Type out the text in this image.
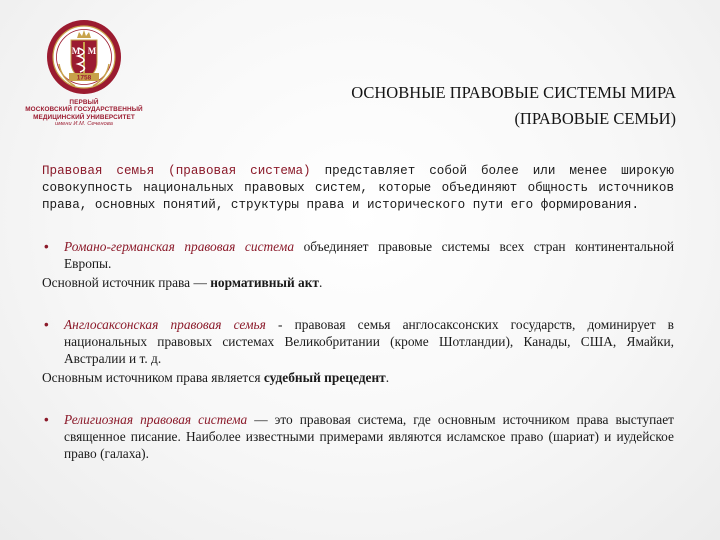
М М
1758
ПЕРВЫЙ
МОСКОВСКИЙ ГОСУДАРСТВЕННЫЙ
МЕДИЦИНСКИЙ УНИВЕРСИТЕТ
имени И.М. Сеченова
ОСНОВНЫЕ ПРАВОВЫЕ СИСТЕМЫ МИРА
(ПРАВОВЫЕ СЕМЬИ)

Правовая семья (правовая система) представляет собой более или менее широкую совокупность национальных правовых систем, которые объединяют общность источников права, основных понятий, структуры права и исторического пути его формирования.

• Романо-германская правовая система объединяет правовые системы всех стран континентальной Европы.

Основной источник права — нормативный акт.

• Англосаксонская правовая семья - правовая семья англосаксонских государств, доминирует в национальных правовых системах Великобритании (кроме Шотландии), Канады, США, Ямайки, Австралии и т. д.

Основным источником права является судебный прецедент.

• Религиозная правовая система — это правовая система, где основным источником права выступает священное писание. Наиболее известными примерами являются исламское право (шариат) и иудейское право (галаха).
